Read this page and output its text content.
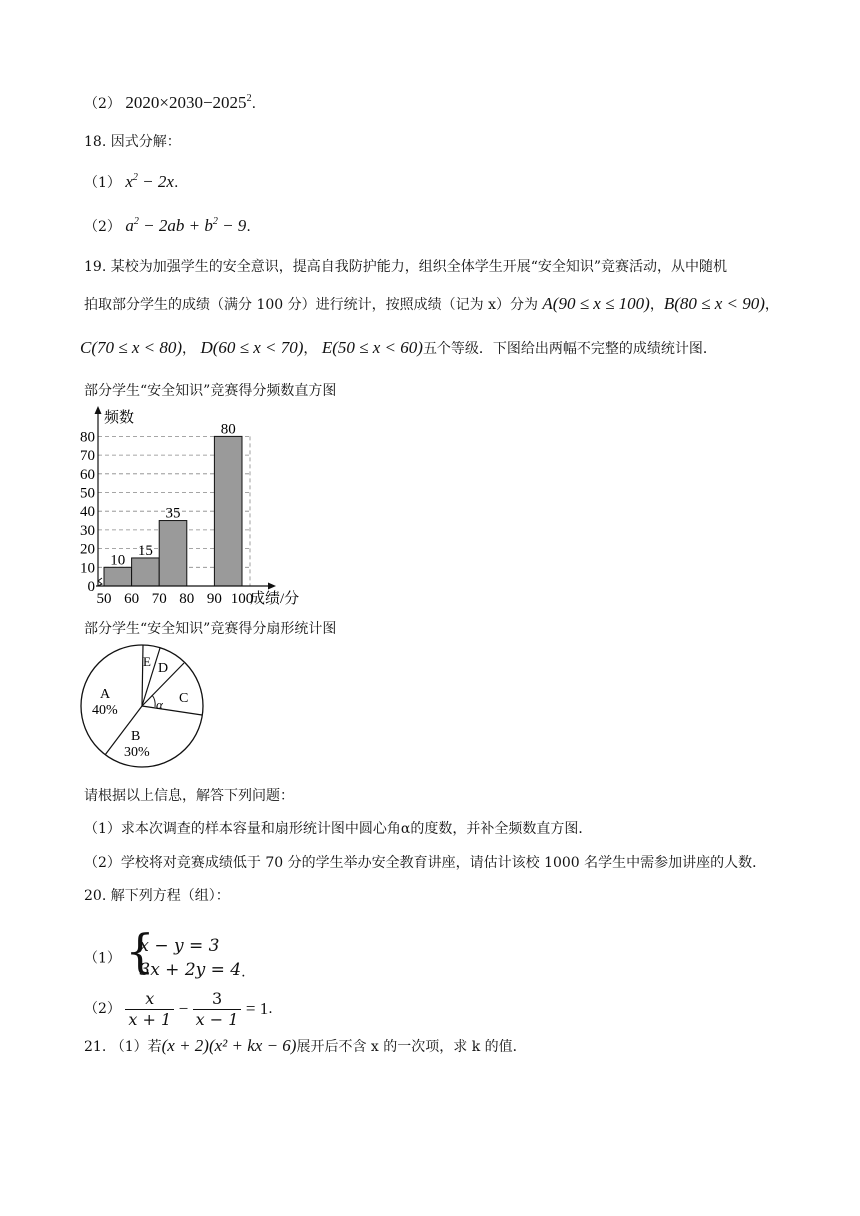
（2） $2020\times 2030-2025^2$.
18. 因式分解：
（1） $x^2 - 2x$.
（2） $a^2 - 2ab + b^2 - 9$.
19. 某校为加强学生的安全意识，提高自我防护能力，组织全体学生开展“安全知识”竞赛活动，从中随机
拍取部分学生的成绩（满分 100 分）进行统计，按照成绩（记为 x）分为 A(90 ≤ x ≤ 100)，B(80 ≤ x < 90)，
C(70 ≤ x < 80)， D(60 ≤ x < 70)， E(50 ≤ x < 60)五个等级．下图给出两幅不完整的成绩统计图．
部分学生“安全知识”竞赛得分频数直方图
10
15
35
80
0
10
20
30
40
50
60
70
80
50 60 70 80 90 100
频数
成绩/分
部分学生“安全知识”竞赛得分扇形统计图
A
40%
B
30%
C
D
E
α
请根据以上信息，解答下列问题：
（1）求本次调查的样本容量和扇形统计图中圆心角α的度数，并补全频数直方图．
（2）学校将对竞赛成绩低于 70 分的学生举办安全教育讲座，请估计该校 1000 名学生中需参加讲座的人数．
20. 解下列方程（组）：
（1） {
x − y = 3
3x + 2y = 4 .
$(2) \frac{x}{x + 1} - \frac{3}{x - 1} = 1$.
21. （1）若(x + 2)(x² + kx − 6)展开后不含 x 的一次项，求 k 的值．
